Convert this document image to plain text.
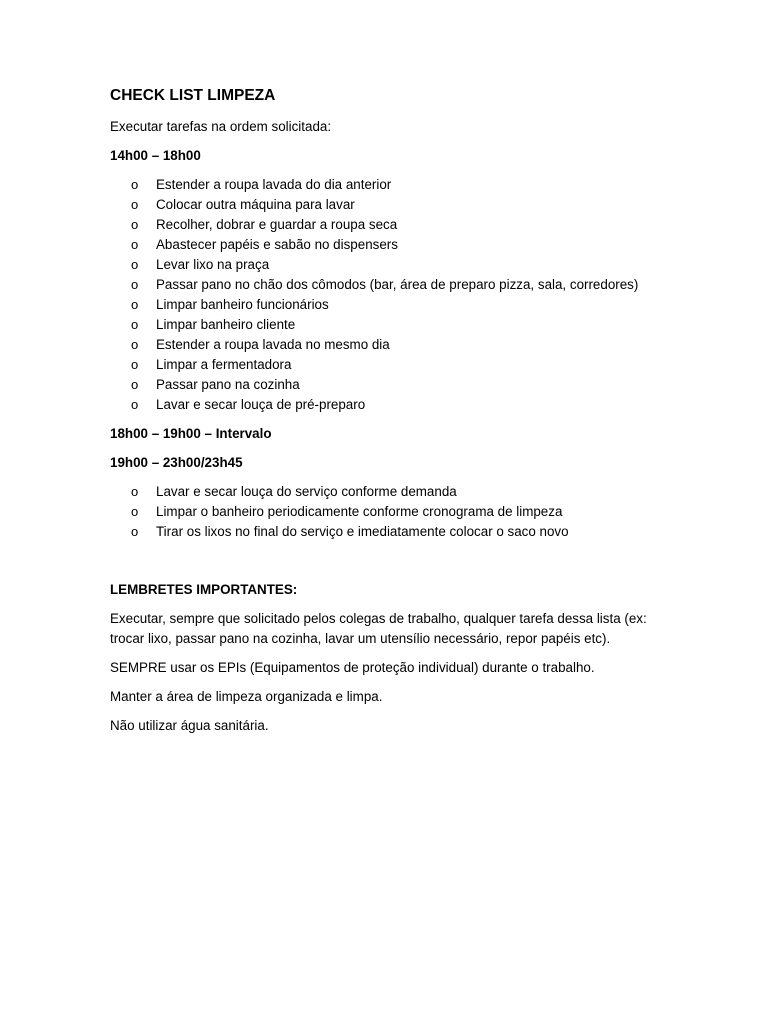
CHECK LIST LIMPEZA
Executar tarefas na ordem solicitada:
14h00 – 18h00
o Estender a roupa lavada do dia anterior
o Colocar outra máquina para lavar
o Recolher, dobrar e guardar a roupa seca
o Abastecer papéis e sabão no dispensers
o Levar lixo na praça
o Passar pano no chão dos cômodos (bar, área de preparo pizza, sala, corredores)
o Limpar banheiro funcionários
o Limpar banheiro cliente
o Estender a roupa lavada no mesmo dia
o Limpar a fermentadora
o Passar pano na cozinha
o Lavar e secar louça de pré-preparo
18h00 – 19h00 – Intervalo
19h00 – 23h00/23h45
o Lavar e secar louça do serviço conforme demanda
o Limpar o banheiro periodicamente conforme cronograma de limpeza
o Tirar os lixos no final do serviço e imediatamente colocar o saco novo
LEMBRETES IMPORTANTES:
Executar, sempre que solicitado pelos colegas de trabalho, qualquer tarefa dessa lista (ex: trocar lixo, passar pano na cozinha, lavar um utensílio necessário, repor papéis etc).
SEMPRE usar os EPIs (Equipamentos de proteção individual) durante o trabalho.
Manter a área de limpeza organizada e limpa.
Não utilizar água sanitária.
